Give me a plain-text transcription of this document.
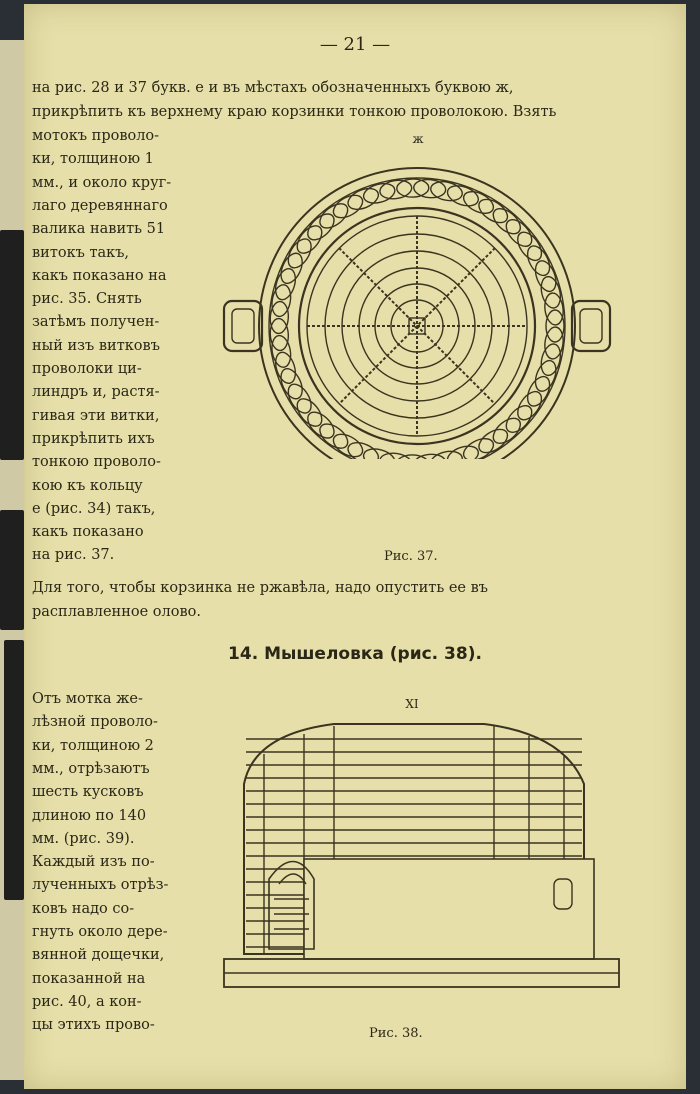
— 21 —
на рис. 28 и 37 букв. е и въ мѣстахъ обозначенныхъ буквою ж,
прикрѣпить къ верхнему краю корзинки тонкою проволокою. Взять
мотокъ проволо-
ки, толщиною 1
мм., и около круг-
лаго деревяннаго
валика навить 51
витокъ такъ,
какъ показано на
рис. 35. Снять
затѣмъ получен-
ный изъ витковъ
проволоки ци-
линдръ и, растя-
гивая эти витки,
прикрѣпить ихъ
тонкою проволо-
кою къ кольцу
е (рис. 34) такъ,
какъ показано
на рис. 37.
ж
Рис. 37.
Для того, чтобы корзинка не ржавѣла, надо опустить ее въ
расплавленное олово.
14. Мышеловка (рис. 38).
Отъ мотка же-
лѣзной проволо-
ки, толщиною 2
мм., отрѣзаютъ
шесть кусковъ
длиною по 140
мм. (рис. 39).
Каждый изъ по-
лученныхъ отрѣз-
ковъ надо со-
гнуть около дере-
вянной дощечки,
показанной на
рис. 40, а кон-
цы этихъ прово-
XI
Рис. 38.
